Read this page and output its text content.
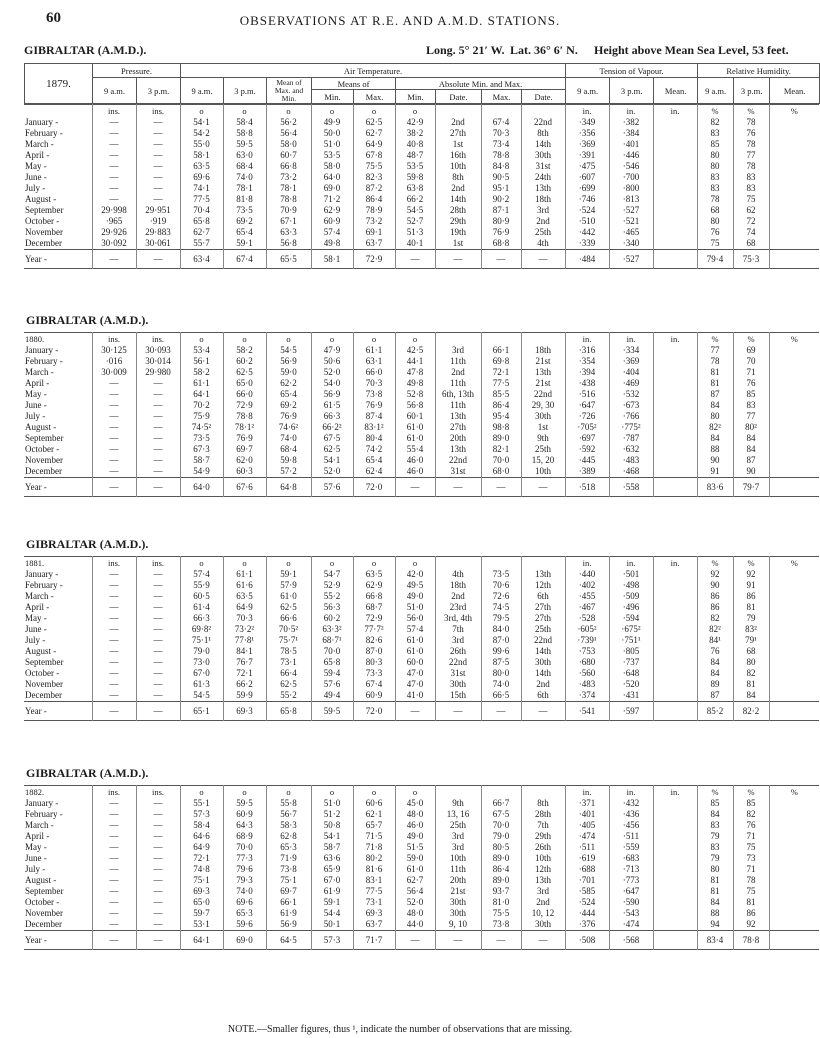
60	OBSERVATIONS AT R.E. AND A.M.D. STATIONS.
GIBRALTAR (A.M.D.).	Long. 5° 21′ W. Lat. 36° 6′ N. Height above Mean Sea Level, 53 feet.
1879.	Pressure.		Air Temperature.									Tension of Vapour.			Relative Humidity.		
	9 a.m.	3 p.m.	9 a.m.	3 p.m.	Mean of Max. and Min.	Means of		Absolute Min. and Max.				9 a.m.	3 p.m.	Mean.	9 a.m.	3 p.m.	Mean.
						Min.	Max.	Min.	Date.	Max.	Date.						
GIBRALTAR (A.M.D.).
GIBRALTAR (A.M.D.).
GIBRALTAR (A.M.D.).
	ins.	ins.	o	o	o	o	o	o				in.	in.	in.	%	%	%
January -	—	—	54·1	58·4	56·2	49·9	62·5	42·9	2nd	67·4	22nd	·349	·382		82	78	
February -	—	—	54·2	58·8	56·4	50·0	62·7	38·2	27th	70·3	8th	·356	·384		83	76	
March -	—	—	55·0	59·5	58·0	51·0	64·9	40·8	1st	73·4	14th	·369	·401		85	78	
April -	—	—	58·1	63·0	60·7	53·5	67·8	48·7	16th	78·8	30th	·391	·446		80	77	
May -	—	—	63·5	68·4	66·8	58·0	75·5	53·5	10th	84·8	31st	·475	·546		80	78	
June -	—	—	69·6	74·0	73·2	64·0	82·3	59·8	8th	90·5	24th	·607	·700		83	83	
July -	—	—	74·1	78·1	78·1	69·0	87·2	63·8	2nd	95·1	13th	·699	·800		83	83	
August -	—	—	77·5	81·8	78·8	71·2	86·4	66·2	14th	90·2	18th	·746	·813		78	75	
September	29·998	29·951	70·4	73·5	70·9	62·9	78·9	54·5	28th	87·1	3rd	·524	·527		68	62	
October -	·965	·919	65·8	69·2	67·1	60·9	73·2	52·7	29th	80·9	2nd	·510	·521		80	72	
November	29·926	29·883	62·7	65·4	63·3	57·4	69·1	51·3	19th	76·9	25th	·442	·465		76	74	
December	30·092	30·061	55·7	59·1	56·8	49·8	63·7	40·1	1st	68·8	4th	·339	·340		75	68	
Year -	—	—	63·4	67·4	65·5	58·1	72·9	—	—	—	—	·484	·527		79·4	75·3	
1880.	ins.	ins.	o	o	o	o	o	o				in.	in.	in.	%	%	%
January -	30·125	30·093	53·4	58·2	54·5	47·9	61·1	42·5	3rd	66·1	18th	·316	·334		77	69	
February -	·016	30·014	56·1	60·2	56·9	50·6	63·1	44·1	11th	69·8	21st	·354	·369		78	70	
March -	30·009	29·980	58·2	62·5	59·0	52·0	66·0	47·8	2nd	72·1	13th	·394	·404		81	71	
April -	—	—	61·1	65·0	62·2	54·0	70·3	49·8	11th	77·5	21st	·438	·469		81	76	
May -	—	—	64·1	66·0	65·4	56·9	73·8	52·8	6th, 13th	85·5	22nd	·516	·532		87	85	
June -	—	—	70·2	72·9	69·2	61·5	76·9	56·8	11th	86·4	29, 30	·647	·673		84	83	
July -	—	—	75·9	78·8	76·9	66·3	87·4	60·1	13th	95·4	30th	·726	·766		80	77	
August -	—	—	74·5²	78·1²	74·6²	66·2²	83·1²	61·0	27th	98·8	1st	·705²	·775²		82²	80²	
September	—	—	73·5	76·9	74·0	67·5	80·4	61·0	20th	89·0	9th	·697	·787		84	84	
October -	—	—	67·3	69·7	68·4	62·5	74·2	55·4	13th	82·1	25th	·592	·632		88	84	
November	—	—	58·7	62·0	59·8	54·1	65·4	46·0	22nd	70·0	15, 20	·445	·483		90	87	
December	—	—	54·9	60·3	57·2	52·0	62·4	46·0	31st	68·0	10th	·389	·468		91	90	
Year -	—	—	64·0	67·6	64·8	57·6	72·0	—	—	—	—	·518	·558		83·6	79·7	
1881.	ins.	ins.	o	o	o	o	o	o				in.	in.	in.	%	%	%
January -	—	—	57·4	61·1	59·1	54·7	63·5	42·0	4th	73·5	13th	·440	·501		92	92	
February -	—	—	55·9	61·6	57·9	52·9	62·9	49·5	18th	70·6	12th	·402	·498		90	91	
March -	—	—	60·5	63·5	61·0	55·2	66·8	49·0	2nd	72·6	6th	·455	·509		86	86	
April -	—	—	61·4	64·9	62·5	56·3	68·7	51·0	23rd	74·5	27th	·467	·496		86	81	
May -	—	—	66·3	70·3	66·6	60·2	72·9	56·0	3rd, 4th	79·5	27th	·528	·594		82	79	
June -	—	—	69·8²	73·2²	70·5²	63·3²	77·7²	57·4	7th	84·0	25th	·605²	·675²		82²	83²	
July -	—	—	75·1¹	77·8¹	75·7¹	68·7¹	82·6	61·0	3rd	87·0	22nd	·739¹	·751¹		84¹	79¹	
August -	—	—	79·0	84·1	78·5	70·0	87·0	61·0	26th	99·6	14th	·753	·805		76	68	
September	—	—	73·0	76·7	73·1	65·8	80·3	60·0	22nd	87·5	30th	·680	·737		84	80	
October -	—	—	67·0	72·1	66·4	59·4	73·3	47·0	31st	80·0	14th	·560	·648		84	82	
November	—	—	61·3	66·2	62·5	57·6	67·4	47·0	30th	74·0	2nd	·483	·520		89	81	
December	—	—	54·5	59·9	55·2	49·4	60·9	41·0	15th	66·5	6th	·374	·431		87	84	
Year -	—	—	65·1	69·3	65·8	59·5	72·0	—	—	—	—	·541	·597		85·2	82·2	
1882.	ins.	ins.	o	o	o	o	o	o				in.	in.	in.	%	%	%
January -	—	—	55·1	59·5	55·8	51·0	60·6	45·0	9th	66·7	8th	·371	·432		85	85	
February -	—	—	57·3	60·9	56·7	51·2	62·1	48·0	13, 16	67·5	28th	·401	·436		84	82	
March -	—	—	58·4	64·3	58·3	50·8	65·7	46·0	25th	70·0	7th	·405	·456		83	76	
April -	—	—	64·6	68·9	62·8	54·1	71·5	49·0	3rd	79·0	29th	·474	·511		79	71	
May -	—	—	64·9	70·0	65·3	58·7	71·8	51·5	3rd	80·5	26th	·511	·559		83	75	
June -	—	—	72·1	77·3	71·9	63·6	80·2	59·0	10th	89·0	10th	·619	·683		79	73	
July -	—	—	74·8	79·6	73·8	65·9	81·6	61·0	11th	86·4	12th	·688	·713		80	71	
August -	—	—	75·1	79·3	75·1	67·0	83·1	62·7	20th	89·0	13th	·701	·773		81	78	
September	—	—	69·3	74·0	69·7	61·9	77·5	56·4	21st	93·7	3rd	·585	·647		81	75	
October -	—	—	65·0	69·6	66·1	59·1	73·1	52·0	30th	81·0	2nd	·524	·590		84	81	
November	—	—	59·7	65·3	61·9	54·4	69·3	48·0	30th	75·5	10, 12	·444	·543		88	86	
December	—	—	53·1	59·6	56·9	50·1	63·7	44·0	9, 10	73·8	30th	·376	·474		94	92	
Year -	—	—	64·1	69·0	64·5	57·3	71·7	—	—	—	—	·508	·568		83·4	78·8	
NOTE.—Smaller figures, thus ¹, indicate the number of observations that are missing.
